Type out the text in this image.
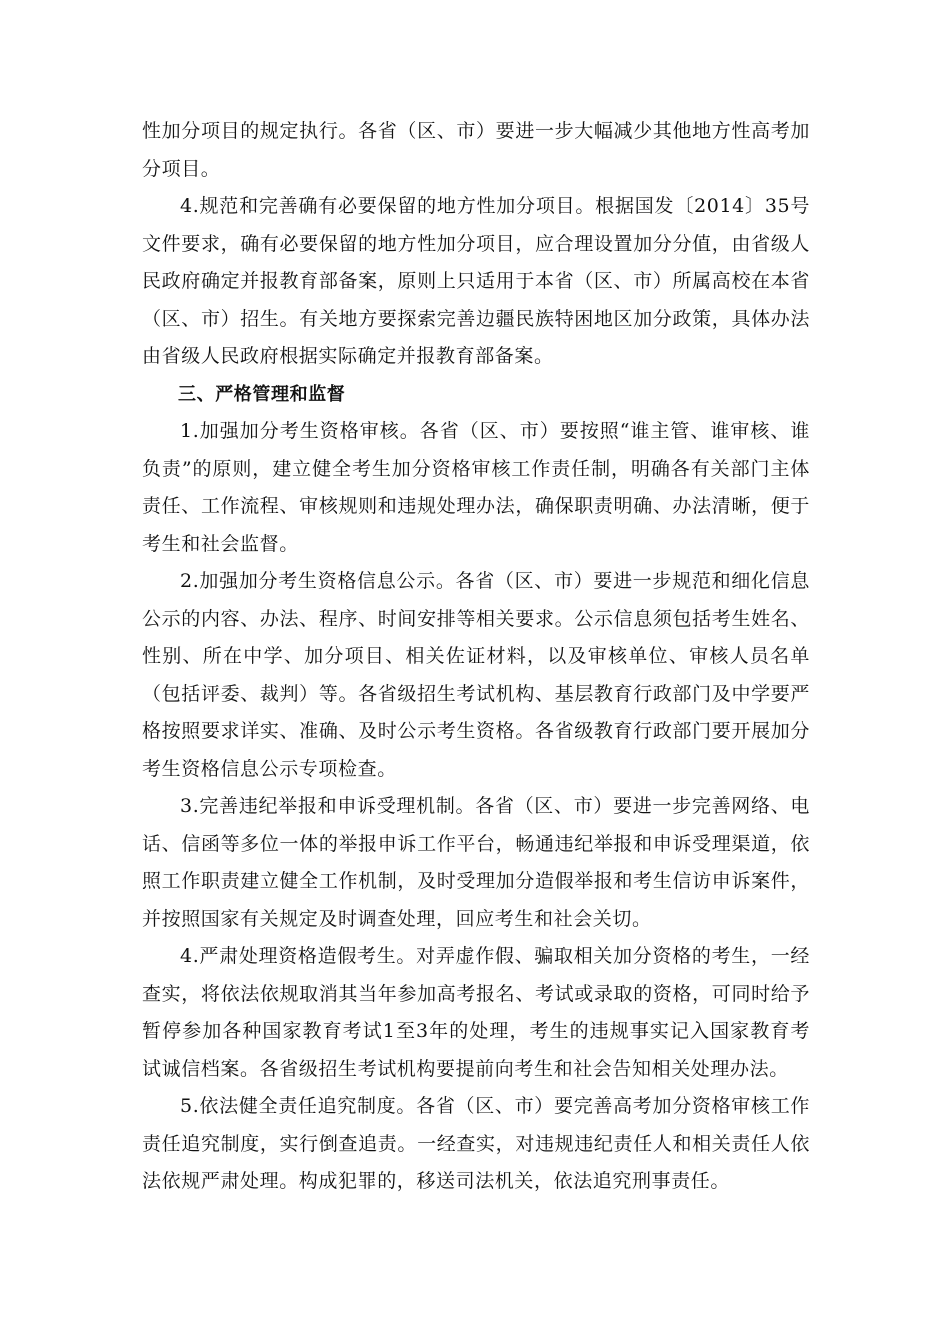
性加分项目的规定执行。各省（区、市）要进一步大幅减少其他地方性高考加分项目。

4.规范和完善确有必要保留的地方性加分项目。根据国发〔2014〕35号文件要求，确有必要保留的地方性加分项目，应合理设置加分分值，由省级人民政府确定并报教育部备案，原则上只适用于本省（区、市）所属高校在本省（区、市）招生。有关地方要探索完善边疆民族特困地区加分政策，具体办法由省级人民政府根据实际确定并报教育部备案。

三、严格管理和监督

1.加强加分考生资格审核。各省（区、市）要按照“谁主管、谁审核、谁负责”的原则，建立健全考生加分资格审核工作责任制，明确各有关部门主体责任、工作流程、审核规则和违规处理办法，确保职责明确、办法清晰，便于考生和社会监督。

2.加强加分考生资格信息公示。各省（区、市）要进一步规范和细化信息公示的内容、办法、程序、时间安排等相关要求。公示信息须包括考生姓名、性别、所在中学、加分项目、相关佐证材料，以及审核单位、审核人员名单（包括评委、裁判）等。各省级招生考试机构、基层教育行政部门及中学要严格按照要求详实、准确、及时公示考生资格。各省级教育行政部门要开展加分考生资格信息公示专项检查。

3.完善违纪举报和申诉受理机制。各省（区、市）要进一步完善网络、电话、信函等多位一体的举报申诉工作平台，畅通违纪举报和申诉受理渠道，依照工作职责建立健全工作机制，及时受理加分造假举报和考生信访申诉案件，并按照国家有关规定及时调查处理，回应考生和社会关切。

4.严肃处理资格造假考生。对弄虚作假、骗取相关加分资格的考生，一经查实，将依法依规取消其当年参加高考报名、考试或录取的资格，可同时给予暂停参加各种国家教育考试1至3年的处理，考生的违规事实记入国家教育考试诚信档案。各省级招生考试机构要提前向考生和社会告知相关处理办法。

5.依法健全责任追究制度。各省（区、市）要完善高考加分资格审核工作责任追究制度，实行倒查追责。一经查实，对违规违纪责任人和相关责任人依法依规严肃处理。构成犯罪的，移送司法机关，依法追究刑事责任。
